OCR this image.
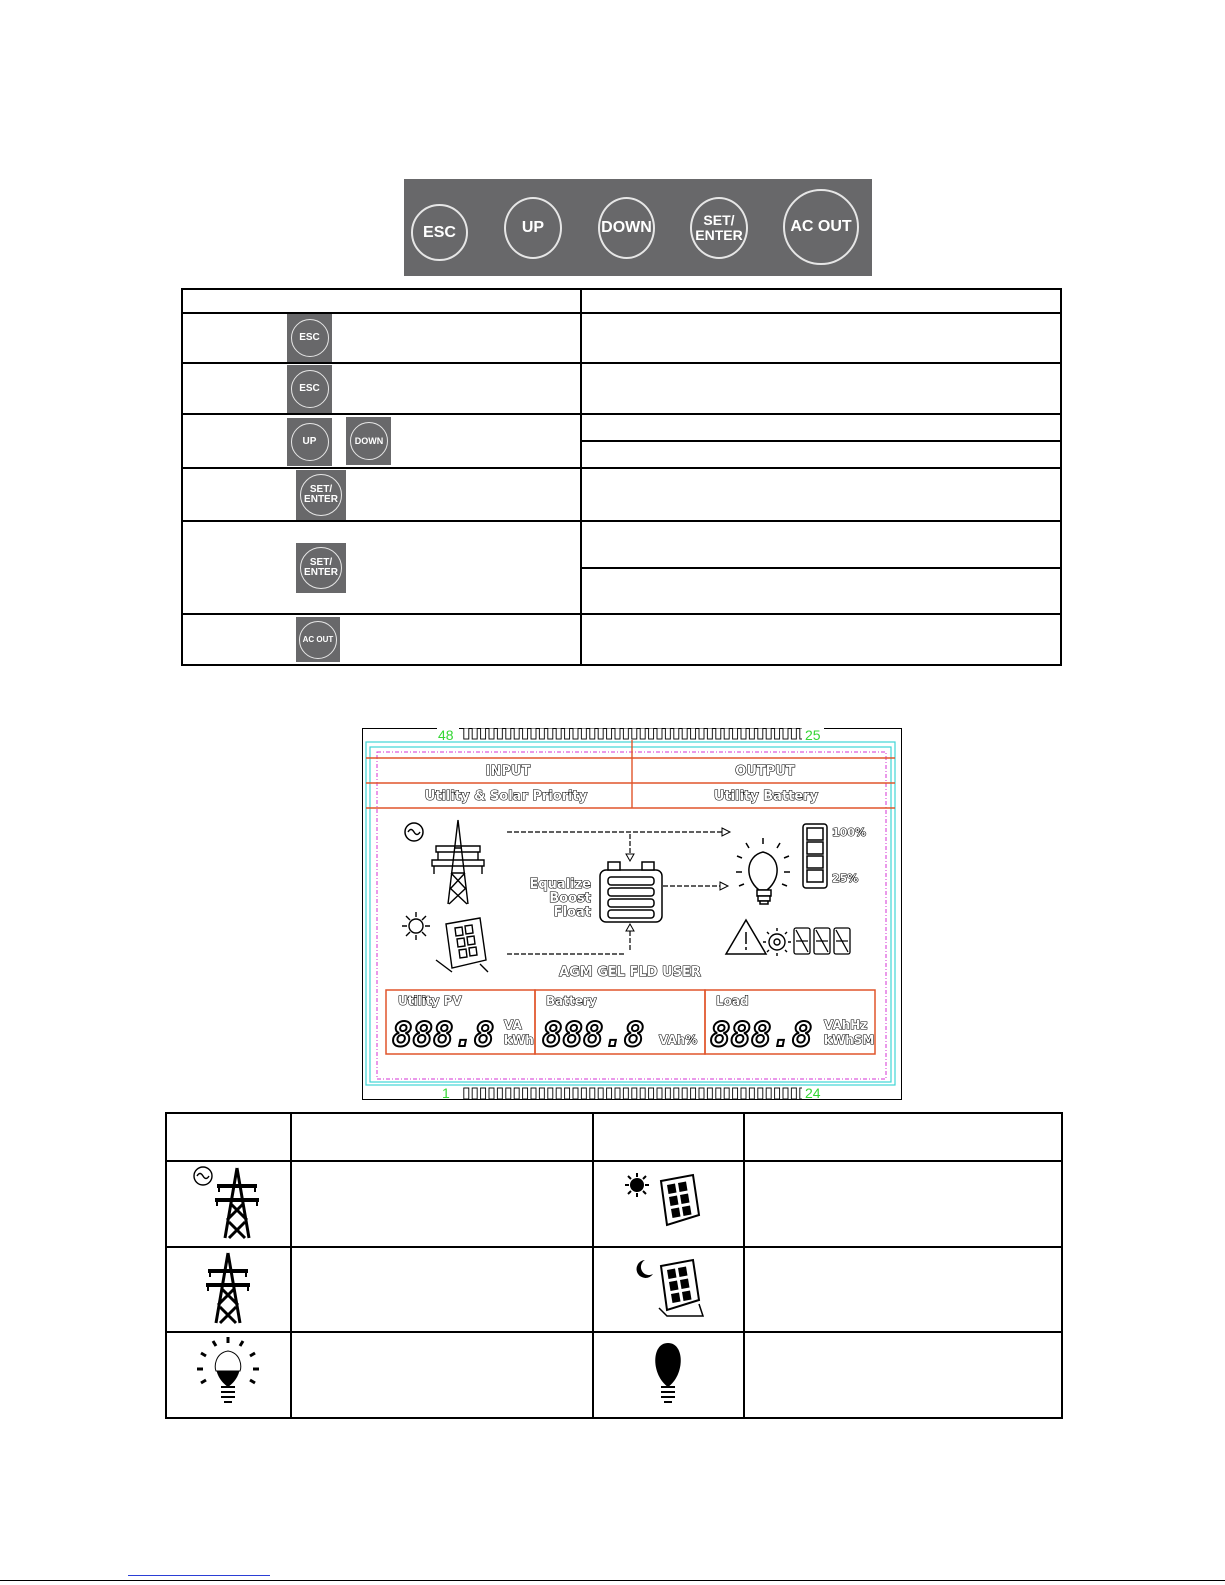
ESC	UP	DOWN	SET/
ENTER	AC OUT

ESC	

ESC	

UP
DOWN	

SET/
ENTER	

SET/
ENTER	

AC OUT	

48	25
1	24
INPUT	OUTPUT
Utility & Solar Priority	Utility Battery
Equalize
Boost
Float
AGM GEL FLD USER
100%
25%
Utility PV
888.8 VA
kWh
Battery
888.8 VAh%
Load
888.8 VAhHz
kWhSM
